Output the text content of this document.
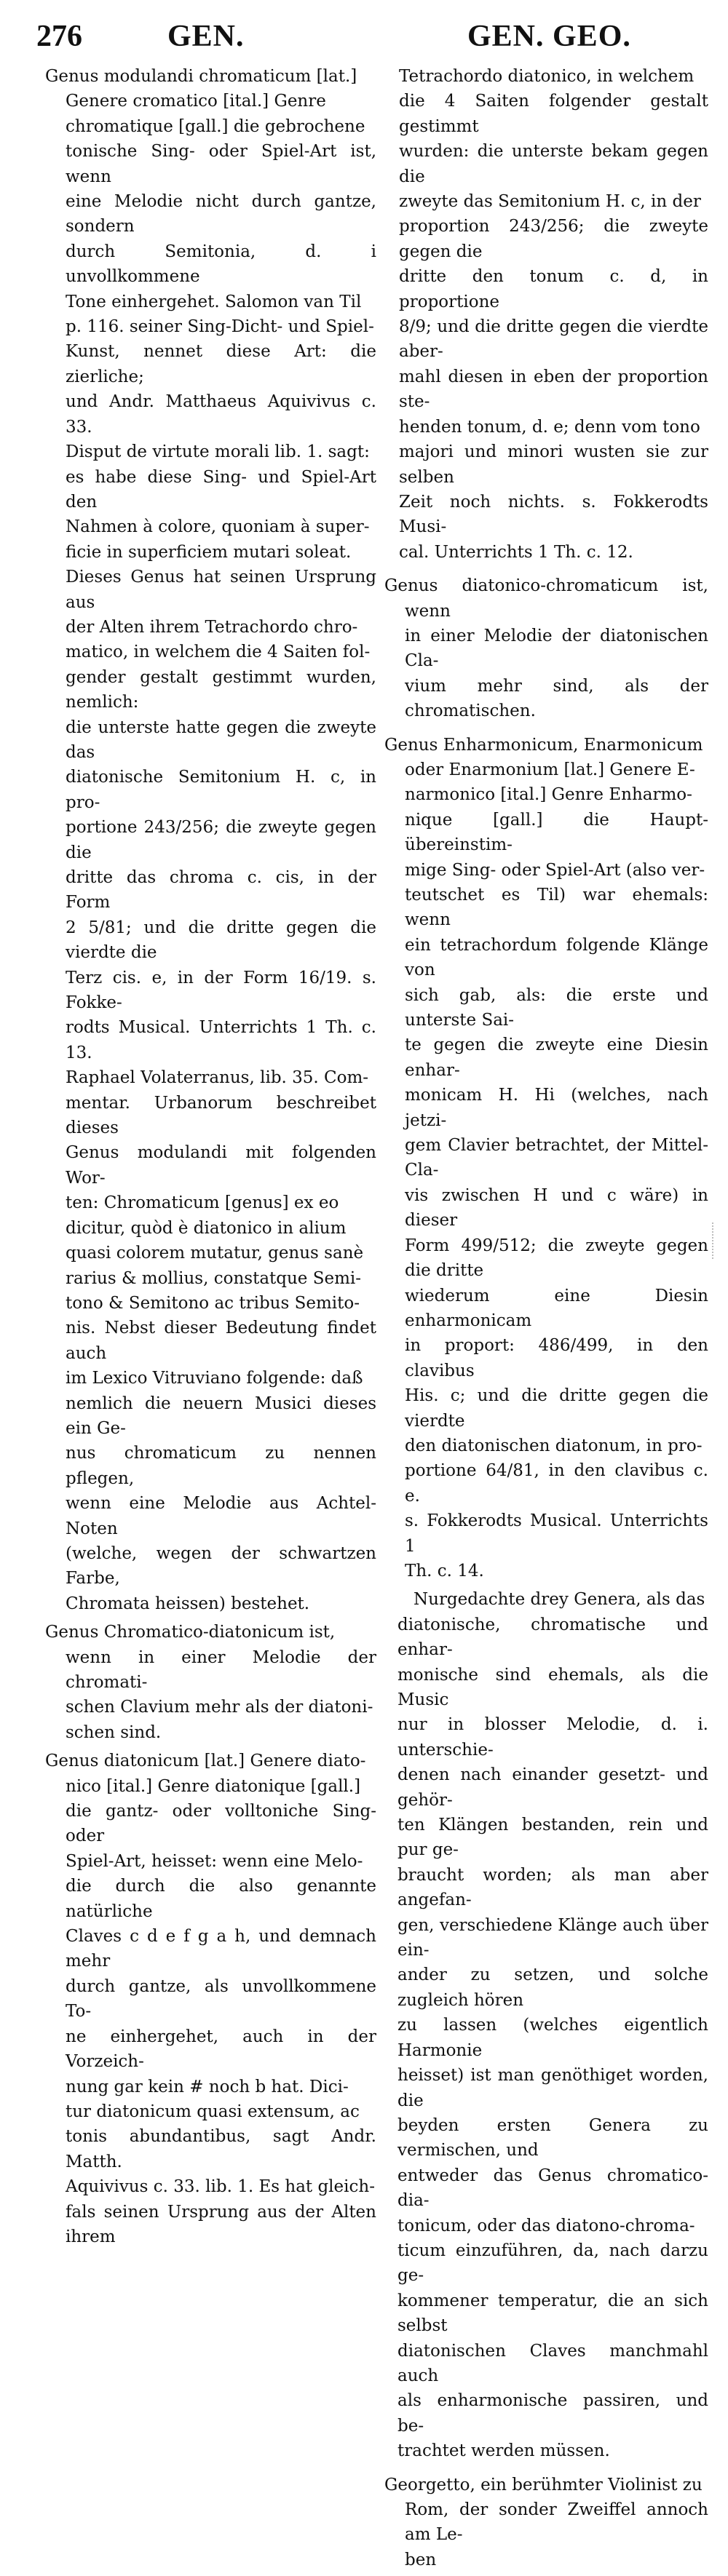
276	GEN.	GEN. GEO.

Genus modulandi chromaticum [lat.]
Genere cromatico [ital.] Genre
chromatique [gall.] die gebrochene
tonische Sing- oder Spiel-Art ist, wenn
eine Melodie nicht durch gantze, sondern
durch Semitonia, d. i unvollkommene
Tone einhergehet. Salomon van Til
p. 116. seiner Sing-Dicht- und Spiel-
Kunst, nennet diese Art: die zierliche;
und Andr. Matthaeus Aquivivus c. 33.
Disput de virtute morali lib. 1. sagt:
es habe diese Sing- und Spiel-Art den
Nahmen à colore, quoniam à super-
ficie in superficiem mutari soleat.
Dieses Genus hat seinen Ursprung aus
der Alten ihrem Tetrachordo chro-
matico, in welchem die 4 Saiten fol-
gender gestalt gestimmt wurden, nemlich:
die unterste hatte gegen die zweyte das
diatonische Semitonium H. c, in pro-
portione 243/256; die zweyte gegen die
dritte das chroma c. cis, in der Form
2 5/81; und die dritte gegen die vierdte die
Terz cis. e, in der Form 16/19. s. Fokke-
rodts Musical. Unterrichts 1 Th. c. 13.
Raphael Volaterranus, lib. 35. Com-
mentar. Urbanorum beschreibet dieses
Genus modulandi mit folgenden Wor-
ten: Chromaticum [genus] ex eo
dicitur, quòd è diatonico in alium
quasi colorem mutatur, genus sanè
rarius & mollius, constatque Semi-
tono & Semitono ac tribus Semito-
nis. Nebst dieser Bedeutung findet auch
im Lexico Vitruviano folgende: daß
nemlich die neuern Musici dieses ein Ge-
nus chromaticum zu nennen pflegen,
wenn eine Melodie aus Achtel-Noten
(welche, wegen der schwartzen Farbe,
Chromata heissen) bestehet.

Genus Chromatico-diatonicum ist,
wenn in einer Melodie der chromati-
schen Clavium mehr als der diatoni-
schen sind.

Genus diatonicum [lat.] Genere diato-
nico [ital.] Genre diatonique [gall.]
die gantz- oder volltoniche Sing- oder
Spiel-Art, heisset: wenn eine Melo-
die durch die also genannte natürliche
Claves c d e f g a h, und demnach mehr
durch gantze, als unvollkommene To-
ne einhergehet, auch in der Vorzeich-
nung gar kein # noch b hat. Dici-
tur diatonicum quasi extensum, ac
tonis abundantibus, sagt Andr. Matth.
Aquivivus c. 33. lib. 1. Es hat gleich-
fals seinen Ursprung aus der Alten ihrem

Tetrachordo diatonico, in welchem
die 4 Saiten folgender gestalt gestimmt
wurden: die unterste bekam gegen die
zweyte das Semitonium H. c, in der
proportion 243/256; die zweyte gegen die
dritte den tonum c. d, in proportione
8/9; und die dritte gegen die vierdte aber-
mahl diesen in eben der proportion ste-
henden tonum, d. e; denn vom tono
majori und minori wusten sie zur selben
Zeit noch nichts. s. Fokkerodts Musi-
cal. Unterrichts 1 Th. c. 12.

Genus diatonico-chromaticum ist, wenn
in einer Melodie der diatonischen Cla-
vium mehr sind, als der chromatischen.

Genus Enharmonicum, Enarmonicum
oder Enarmonium [lat.] Genere E-
narmonico [ital.] Genre Enharmo-
nique [gall.] die Haupt-übereinstim-
mige Sing- oder Spiel-Art (also ver-
teutschet es Til) war ehemals: wenn
ein tetrachordum folgende Klänge von
sich gab, als: die erste und unterste Sai-
te gegen die zweyte eine Diesin enhar-
monicam H. Hi (welches, nach jetzi-
gem Clavier betrachtet, der Mittel-Cla-
vis zwischen H und c wäre) in dieser
Form 499/512; die zweyte gegen die dritte
wiederum eine Diesin enharmonicam
in proport: 486/499, in den clavibus
His. c; und die dritte gegen die vierdte
den diatonischen diatonum, in pro-
portione 64/81, in den clavibus c. e.
s. Fokkerodts Musical. Unterrichts 1
Th. c. 14.

Nurgedachte drey Genera, als das
diatonische, chromatische und enhar-
monische sind ehemals, als die Music
nur in blosser Melodie, d. i. unterschie-
denen nach einander gesetzt- und gehör-
ten Klängen bestanden, rein und pur ge-
braucht worden; als man aber angefan-
gen, verschiedene Klänge auch über ein-
ander zu setzen, und solche zugleich hören
zu lassen (welches eigentlich Harmonie
heisset) ist man genöthiget worden, die
beyden ersten Genera zu vermischen, und
entweder das Genus chromatico-dia-
tonicum, oder das diatono-chroma-
ticum einzuführen, da, nach darzu ge-
kommener temperatur, die an sich selbst
diatonischen Claves manchmahl auch
als enharmonische passiren, und be-
trachtet werden müssen.

Georgetto, ein berühmter Violinist zu
Rom, der sonder Zweiffel annoch am Le-
ben
